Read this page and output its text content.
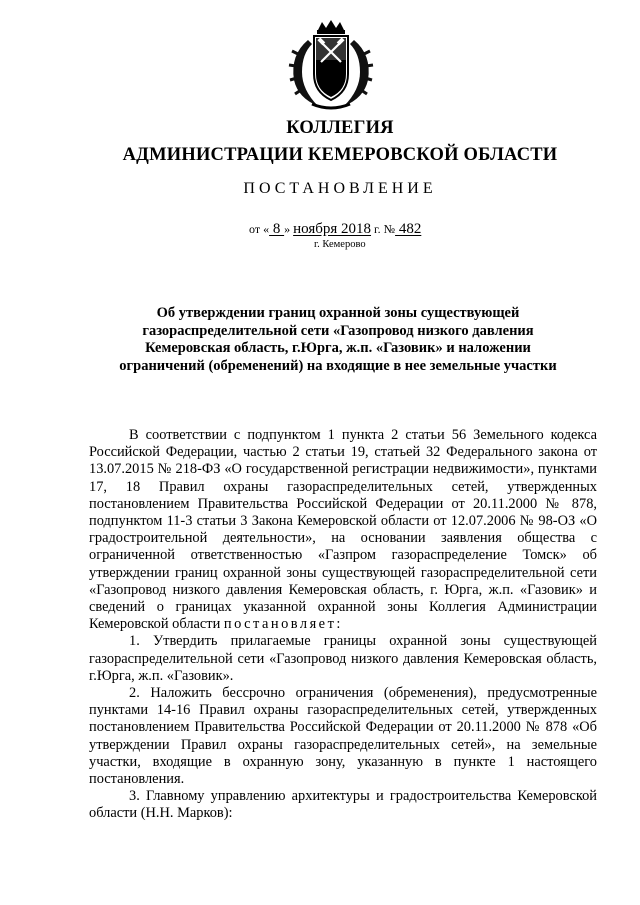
КОЛЛЕГИЯ
АДМИНИСТРАЦИИ КЕМЕРОВСКОЙ ОБЛАСТИ
ПОСТАНОВЛЕНИЕ
от « 8 » ноября 2018 г. № 482
г. Кемерово
Об утверждении границ охранной зоны существующей газораспределительной сети «Газопровод низкого давления Кемеровская область, г.Юрга, ж.п. «Газовик» и наложении ограничений (обременений) на входящие в нее земельные участки

В соответствии с подпунктом 1 пункта 2 статьи 56 Земельного кодекса Российской Федерации, частью 2 статьи 19, статьей 32 Федерального закона от 13.07.2015 № 218-ФЗ «О государственной регистрации недвижимости», пунктами 17, 18 Правил охраны газораспределительных сетей, утвержденных постановлением Правительства Российской Федерации от 20.11.2000 № 878, подпунктом 11-3 статьи 3 Закона Кемеровской области от 12.07.2006 № 98-ОЗ «О градостроительной деятельности», на основании заявления общества с ограниченной ответственностью «Газпром газораспределение Томск» об утверждении границ охранной зоны существующей газораспределительной сети «Газопровод низкого давления Кемеровская область, г. Юрга, ж.п. «Газовик» и сведений о границах указанной охранной зоны Коллегия Администрации Кемеровской области постановляет:

1. Утвердить прилагаемые границы охранной зоны существующей газораспределительной сети «Газопровод низкого давления Кемеровская область, г.Юрга, ж.п. «Газовик».

2. Наложить бессрочно ограничения (обременения), предусмотренные пунктами 14-16 Правил охраны газораспределительных сетей, утвержденных постановлением Правительства Российской Федерации от 20.11.2000 № 878 «Об утверждении Правил охраны газораспределительных сетей», на земельные участки, входящие в охранную зону, указанную в пункте 1 настоящего постановления.

3. Главному управлению архитектуры и градостроительства Кемеровской области (Н.Н. Марков):
